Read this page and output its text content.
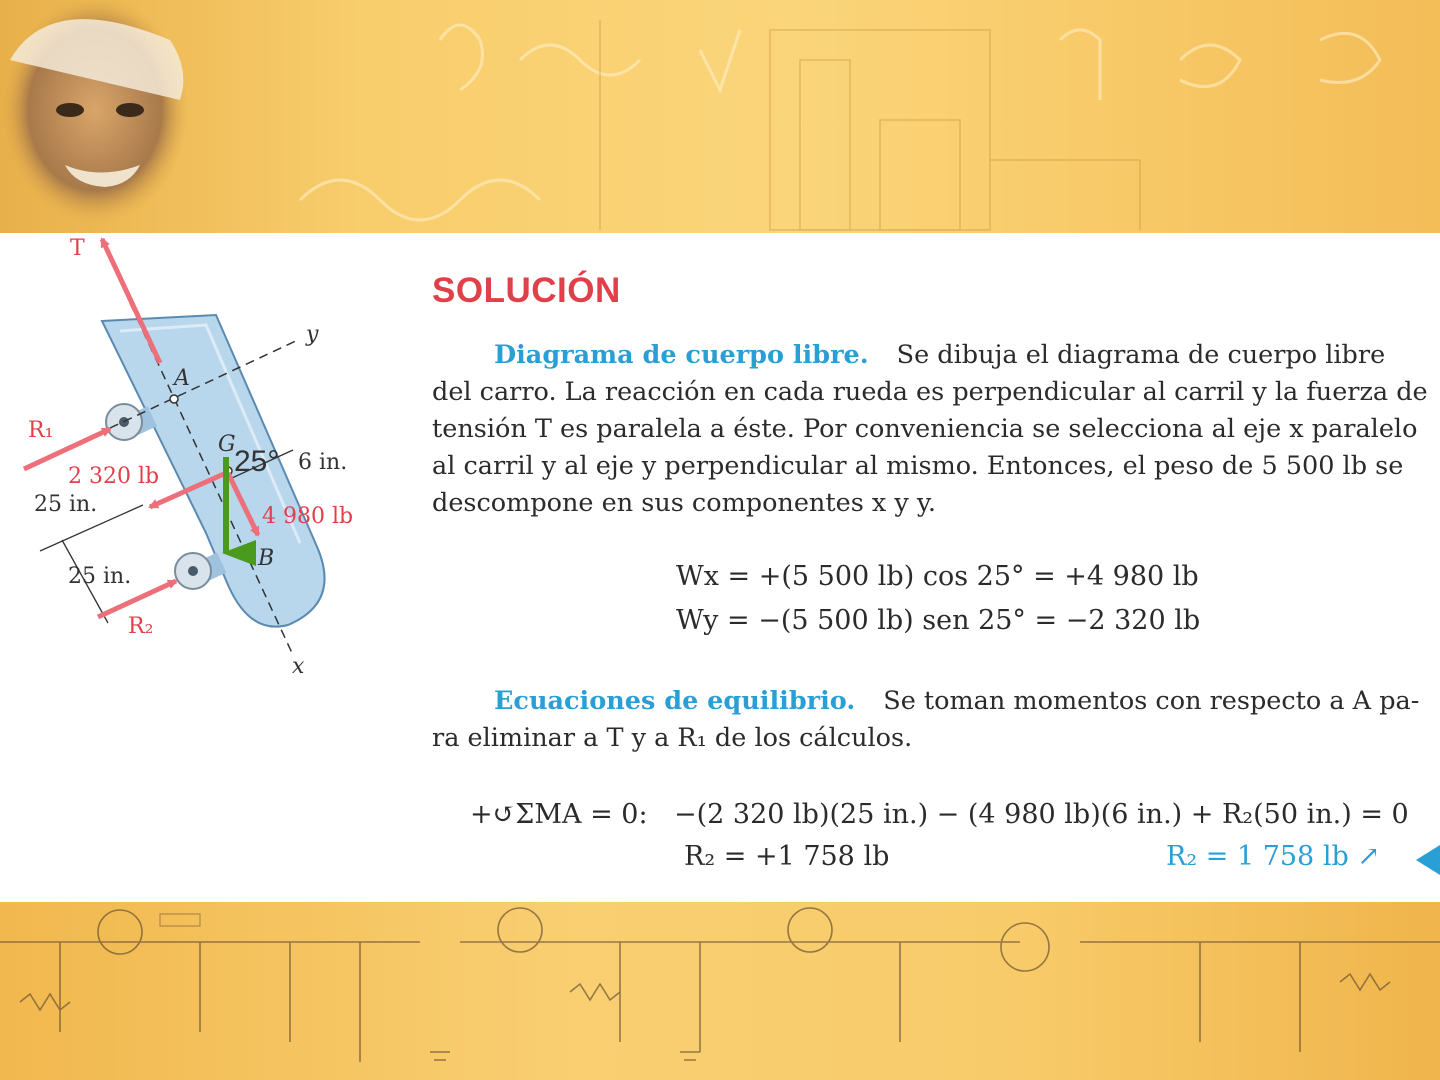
T
y
A
R₁
G
25° 6 in.
2 320 lb
25 in.	4 980 lb
B
25 in.
R₂
x
SOLUCIÓN
Diagrama de cuerpo libre. Se dibuja el diagrama de cuerpo libre
del carro. La reacción en cada rueda es perpendicular al carril y la fuerza de
tensión T es paralela a éste. Por conveniencia se selecciona al eje x paralelo
al carril y al eje y perpendicular al mismo. Entonces, el peso de 5 500 lb se
descompone en sus componentes x y y.
Wx = +(5 500 lb) cos 25° = +4 980 lb
Wy = −(5 500 lb) sen 25° = −2 320 lb
Ecuaciones de equilibrio. Se toman momentos con respecto a A pa-
ra eliminar a T y a R₁ de los cálculos.
+↺ΣMA = 0: −(2 320 lb)(25 in.) − (4 980 lb)(6 in.) + R₂(50 in.) = 0
R₂ = +1 758 lb	R₂ = 1 758 lb ↗
